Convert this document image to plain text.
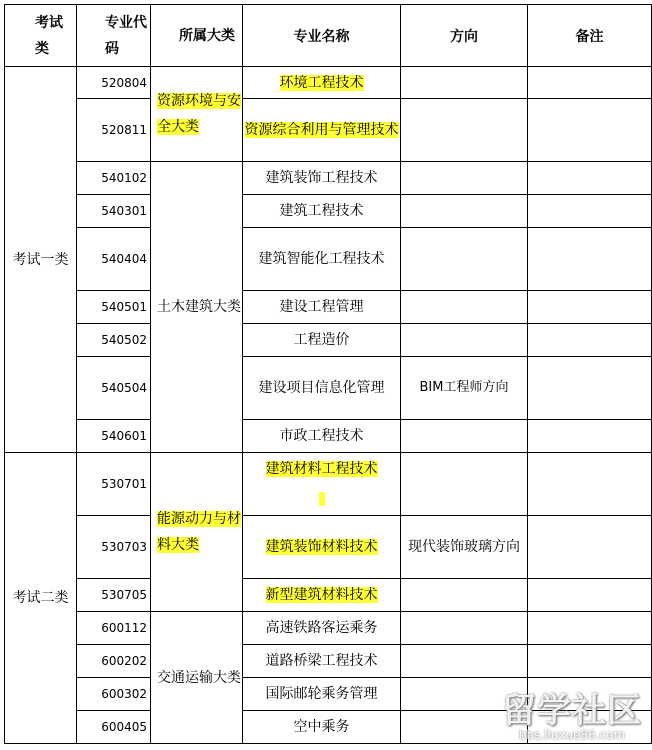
考试类	专业代码	所属大类	专业名称	方向	备注
考试一类	520804	资源环境与安全大类	环境工程技术		
	520811		资源综合利用与管理技术		
	540102	土木建筑大类	建筑装饰工程技术		
	540301		建筑工程技术		
	540404		建筑智能化工程技术		
	540501		建设工程管理		
	540502		工程造价		
	540504		建设项目信息化管理	BIM工程师方向	
	540601		市政工程技术		
考试二类	530701	能源动力与材料大类	建筑材料工程技术

	530703		建筑装饰材料技术	现代装饰玻璃方向	
	530705		新型建筑材料技术		
	600112	交通运输大类	高速铁路客运乘务		
	600202		道路桥梁工程技术		
	600302		国际邮轮乘务管理		
	600405		空中乘务			留学社区
bbs.liuxue86.com
